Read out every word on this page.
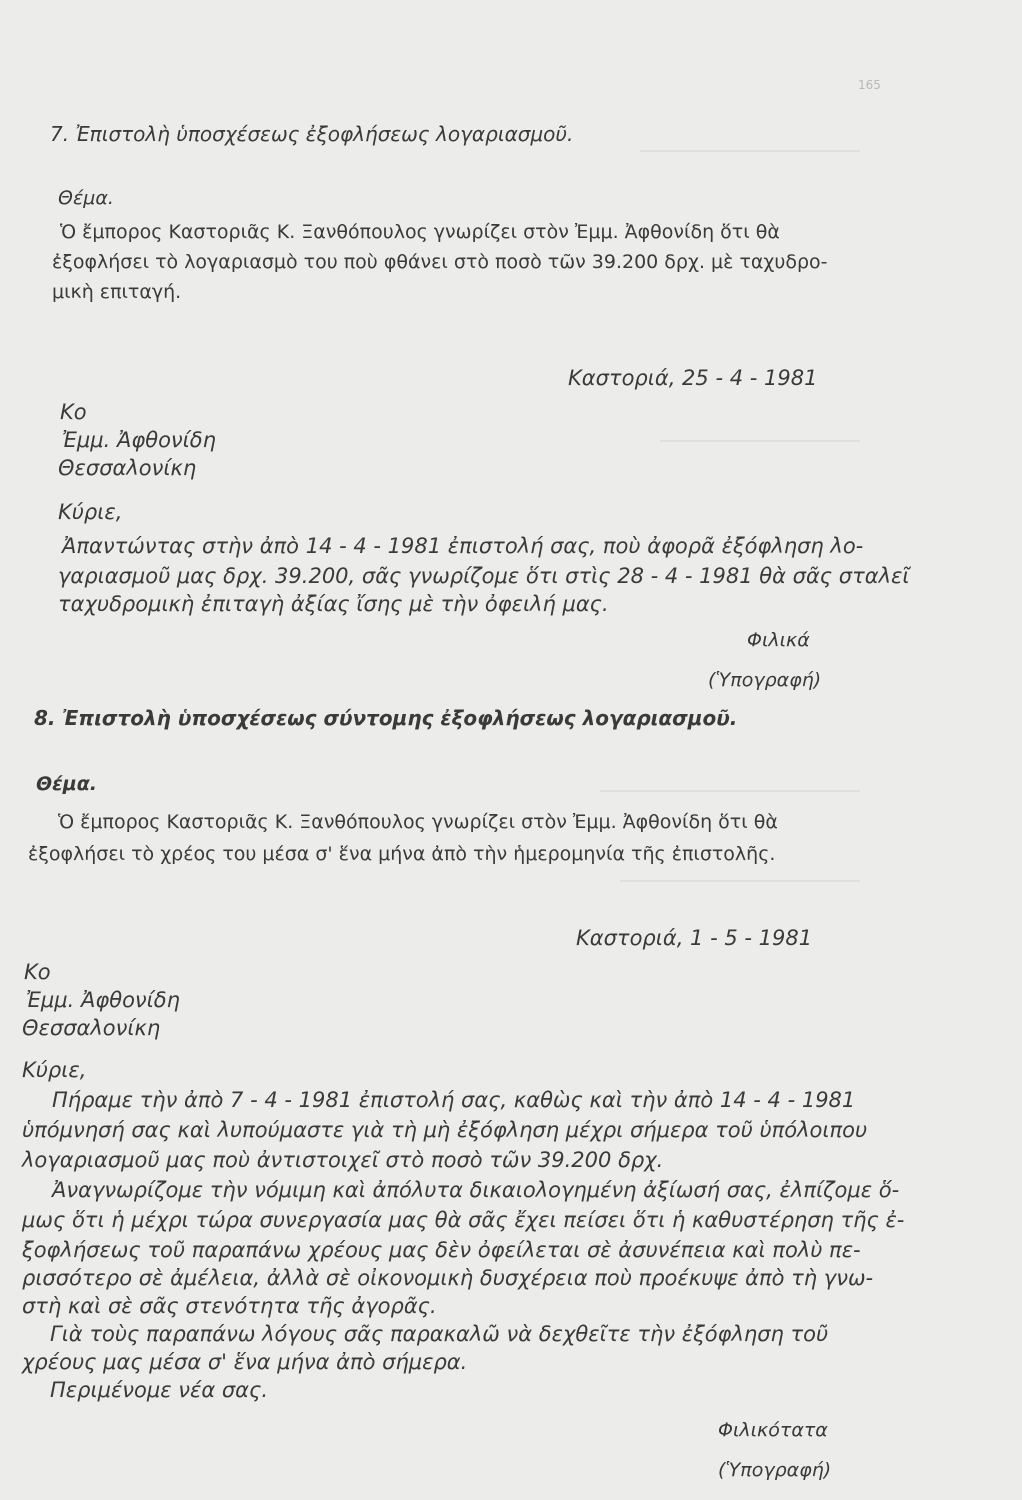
165
7. Ἐπιστολὴ ὑποσχέσεως ἐξοφλήσεως λογαριασμοῦ.
Θέμα.
Ὁ ἔμπορος Καστοριᾶς Κ. Ξανθόπουλος γνωρίζει στὸν Ἐμμ. Ἀφθονίδη ὅτι θὰ
ἐξοφλήσει τὸ λογαριασμὸ του ποὺ φθάνει στὸ ποσὸ τῶν 39.200 δρχ. μὲ ταχυδρο-
μικὴ επιταγή.
Καστοριά, 25 - 4 - 1981
Κο
Ἐμμ. Ἀφθονίδη
Θεσσαλονίκη
Κύριε,
Ἀπαντώντας στὴν ἀπὸ 14 - 4 - 1981 ἐπιστολή σας, ποὺ ἀφορᾶ ἐξόφληση λο-
γαριασμοῦ μας δρχ. 39.200, σᾶς γνωρίζομε ὅτι στὶς 28 - 4 - 1981 θὰ σᾶς σταλεῖ
ταχυδρομικὴ ἐπιταγὴ ἀξίας ἴσης μὲ τὴν ὀφειλή μας.
Φιλικά
(Ὑπογραφή)
8. Ἐπιστολὴ ὑποσχέσεως σύντομης ἐξοφλήσεως λογαριασμοῦ.
Θέμα.
Ὁ ἔμπορος Καστοριᾶς Κ. Ξανθόπουλος γνωρίζει στὸν Ἐμμ. Ἀφθονίδη ὅτι θὰ
ἐξοφλήσει τὸ χρέος του μέσα σ' ἕνα μήνα ἀπὸ τὴν ἡμερομηνία τῆς ἐπιστολῆς.
Καστοριά, 1 - 5 - 1981
Κο
Ἐμμ. Ἀφθονίδη
Θεσσαλονίκη
Κύριε,
Πήραμε τὴν ἀπὸ 7 - 4 - 1981 ἐπιστολή σας, καθὼς καὶ τὴν ἀπὸ 14 - 4 - 1981
ὑπόμνησή σας καὶ λυπούμαστε γιὰ τὴ μὴ ἐξόφληση μέχρι σήμερα τοῦ ὑπόλοιπου
λογαριασμοῦ μας ποὺ ἀντιστοιχεῖ στὸ ποσὸ τῶν 39.200 δρχ.
Ἀναγνωρίζομε τὴν νόμιμη καὶ ἀπόλυτα δικαιολογημένη ἀξίωσή σας, ἐλπίζομε ὅ-
μως ὅτι ἡ μέχρι τώρα συνεργασία μας θὰ σᾶς ἔχει πείσει ὅτι ἡ καθυστέρηση τῆς ἐ-
ξοφλήσεως τοῦ παραπάνω χρέους μας δὲν ὀφείλεται σὲ ἀσυνέπεια καὶ πολὺ πε-
ρισσότερο σὲ ἀμέλεια, ἀλλὰ σὲ οἰκονομικὴ δυσχέρεια ποὺ προέκυψε ἀπὸ τὴ γνω-
στὴ καὶ σὲ σᾶς στενότητα τῆς ἀγορᾶς.
Γιὰ τοὺς παραπάνω λόγους σᾶς παρακαλῶ νὰ δεχθεῖτε τὴν ἐξόφληση τοῦ
χρέους μας μέσα σ' ἕνα μήνα ἀπὸ σήμερα.
Περιμένομε νέα σας.
Φιλικότατα
(Ὑπογραφή)
